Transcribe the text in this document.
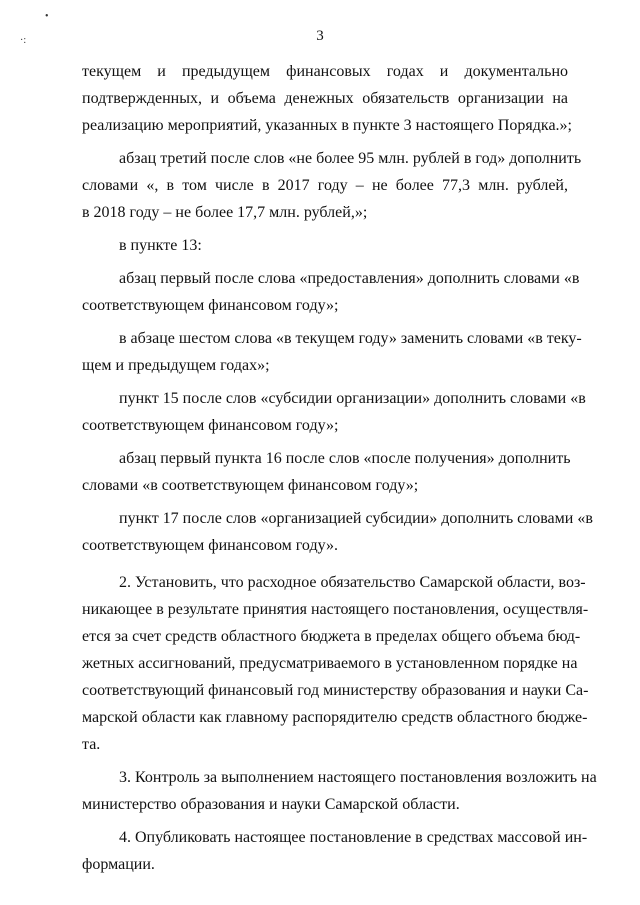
•
·:	3
текущем и предыдущем финансовых годах и документально
подтвержденных, и объема денежных обязательств организации на
реализацию мероприятий, указанных в пункте 3 настоящего Порядка.»;
абзац третий после слов «не более 95 млн. рублей в год» дополнить
словами «, в том числе в 2017 году – не более 77,3 млн. рублей,
в 2018 году – не более 17,7 млн. рублей,»;
в пункте 13:
абзац первый после слова «предоставления» дополнить словами «в
соответствующем финансовом году»;
в абзаце шестом слова «в текущем году» заменить словами «в теку-
щем и предыдущем годах»;
пункт 15 после слов «субсидии организации» дополнить словами «в
соответствующем финансовом году»;
абзац первый пункта 16 после слов «после получения» дополнить
словами «в соответствующем финансовом году»;
пункт 17 после слов «организацией субсидии» дополнить словами «в
соответствующем финансовом году».
2. Установить, что расходное обязательство Самарской области, воз-
никающее в результате принятия настоящего постановления, осуществля-
ется за счет средств областного бюджета в пределах общего объема бюд-
жетных ассигнований, предусматриваемого в установленном порядке на
соответствующий финансовый год министерству образования и науки Са-
марской области как главному распорядителю средств областного бюдже-
та.
3. Контроль за выполнением настоящего постановления возложить на
министерство образования и науки Самарской области.
4. Опубликовать настоящее постановление в средствах массовой ин-
формации.
